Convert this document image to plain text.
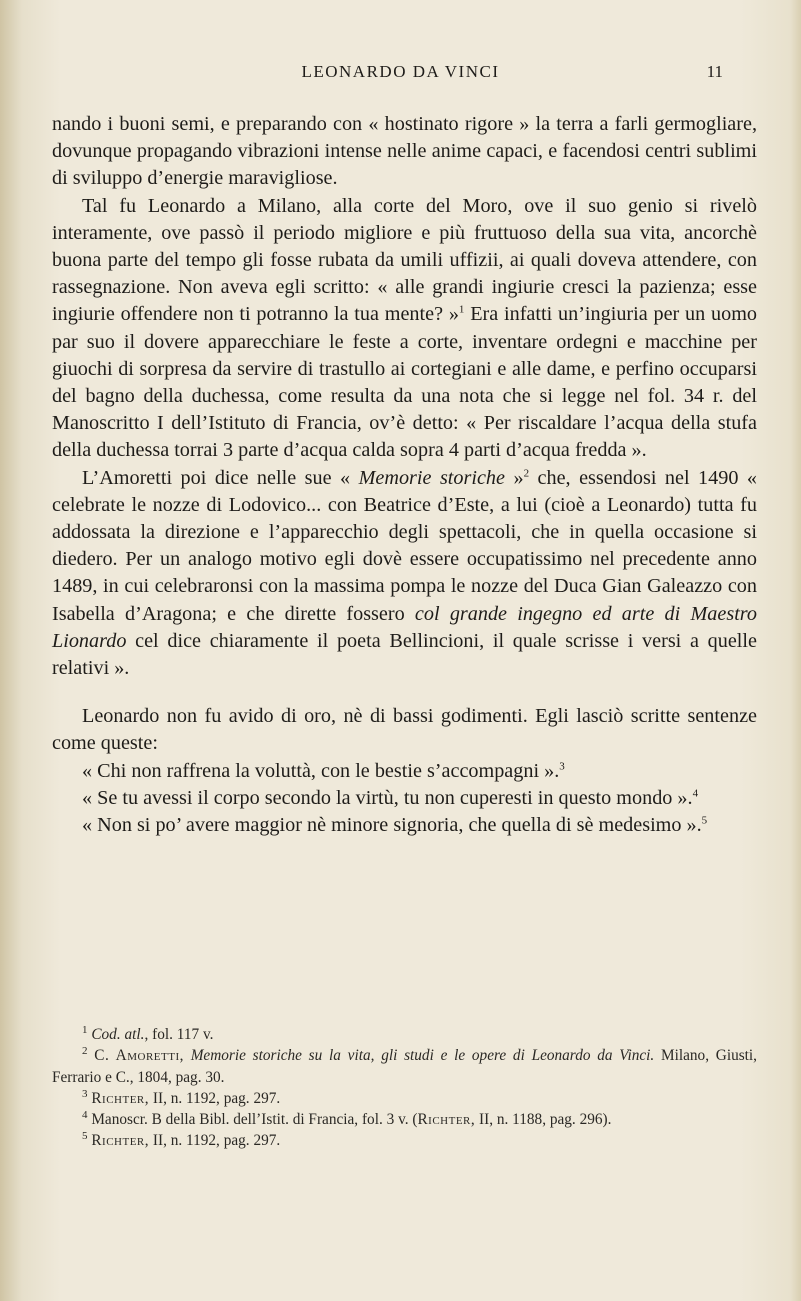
LEONARDO DA VINCI	11

nando i buoni semi, e preparando con « hostinato rigore » la terra a farli germogliare, dovunque propagando vibrazioni intense nelle anime capaci, e facendosi centri sublimi di sviluppo d’energie maravigliose.

Tal fu Leonardo a Milano, alla corte del Moro, ove il suo genio si rivelò interamente, ove passò il periodo migliore e più fruttuoso della sua vita, ancorchè buona parte del tempo gli fosse rubata da umili uffizii, ai quali doveva attendere, con rassegnazione. Non aveva egli scritto: « alle grandi ingiurie cresci la pazienza; esse ingiurie offendere non ti potranno la tua mente? »$^1$ Era infatti un’ingiuria per un uomo par suo il dovere apparecchiare le feste a corte, inventare ordegni e macchine per giuochi di sorpresa da servire di trastullo ai cortegiani e alle dame, e perfino occuparsi del bagno della duchessa, come resulta da una nota che si legge nel fol. 34 r. del Manoscritto I dell’Istituto di Francia, ov’è detto: « Per riscaldare l’acqua della stufa della duchessa torrai 3 parte d’acqua calda sopra 4 parti d’acqua fredda ».

L’Amoretti poi dice nelle sue « Memorie storiche »$^2$ che, essendosi nel 1490 « celebrate le nozze di Lodovico... con Beatrice d’Este, a lui (cioè a Leonardo) tutta fu addossata la direzione e l’apparecchio degli spettacoli, che in quella occasione si diedero. Per un analogo motivo egli dovè essere occupatissimo nel precedente anno 1489, in cui celebraronsi con la massima pompa le nozze del Duca Gian Galeazzo con Isabella d’Aragona; e che dirette fossero col grande ingegno ed arte di Maestro Lionardo cel dice chiaramente il poeta Bellincioni, il quale scrisse i versi a quelle relativi ».

Leonardo non fu avido di oro, nè di bassi godimenti. Egli lasciò scritte sentenze come queste:

« Chi non raffrena la voluttà, con le bestie s’accompagni ».$^3$

« Se tu avessi il corpo secondo la virtù, tu non cuperesti in questo mondo ».$^4$

« Non si po’ avere maggior nè minore signoria, che quella di sè medesimo ».$^5$

$^1$ Cod. atl., fol. 117 v.

$^2$ C. Amoretti, Memorie storiche su la vita, gli studi e le opere di Leonardo da Vinci. Milano, Giusti, Ferrario e C., 1804, pag. 30.

$^3$ Richter, II, n. 1192, pag. 297.

$^4$ Manoscr. B della Bibl. dell’Istit. di Francia, fol. 3 v. (Richter, II, n. 1188, pag. 296).

$^5$ Richter, II, n. 1192, pag. 297.
